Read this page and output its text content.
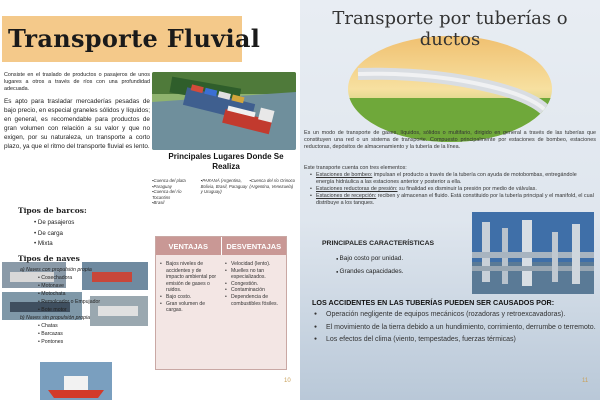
Transporte Fluvial

Consiste en el traslado de productos o pasajeros de unos lugares a otros a través de ríos con una profundidad adecuada.

Es apto para trasladar mercaderías pesadas de bajo precio, en especial graneles sólidos y líquidos; en general, es recomendable para productos de gran volumen con relación a su valor y que no exigen, por su naturaleza, un transporte a corto plazo, ya que el ritmo del transporte fluvial es lento.

Principales Lugares Donde Se Realiza
▪ Cuenca del plata
▪ Paraguay
▪ Cuenca del río Tocantins
▪ Brasil
▪ PARANÁ (Argentina, Bolivia, Brasil, Paraguay y Uruguay)
▪ Cuenca del río Orinoco (Argentina, Venezuela)
VENTAJAS	DESVENTAJAS
• Bajos niveles de accidentes y de impacto ambiental por emisión de gases o ruidos.
• Bajo costo.
• Gran volumen de cargas.
• Velocidad (lento).
• Muelles no tan especializados.
• Congestión.
• Contaminación
• Dependencia de combustibles fósiles.
Tipos de barcos:
• De pasajeros
• De carga
• Mixta
Tipos de naves
a) Naves con propulsión propia
• Cosechadora
• Motonave
• Motochata
• Remolcador o Empujador
• Bote motor
b) Naves sin propulsión propia
• Chatas
• Barcazas
• Pontones
10
Transporte por tuberías o ductos

Es un modo de transporte de gases, líquidos, sólidos o multifario, dirigido en general a través de las tuberías que constituyen una red o un sistema de transporte. Compuesto principalmente por estaciones de bombeo, estaciones reductoras, depósitos de almacenamiento y la tubería de la línea.

Este transporte cuenta con tres elementos:

• Estaciones de bombeo: impulsan el producto a través de la tubería con ayuda de motobombas, entregándole energía hidráulica a las estaciones anterior y posterior a ella.
• Estaciones reductoras de presión: su finalidad es disminuir la presión por medio de válvulas.
• Estaciones de recepción: reciben y almacenan el fluido. Está constituido por la tubería principal y el manifold, el cual distribuye a los tanques.
PRINCIPALES CARACTERÍSTICAS
● Bajo costo por unidad.
● Grandes capacidades.
LOS ACCIDENTES EN LAS TUBERÍAS PUEDEN SER CAUSADOS POR:
● Operación negligente de equipos mecánicos (rozadoras y retroexcavadoras).
● El movimiento de la tierra debido a un hundimiento, corrimiento, derrumbe o terremoto.
● Los efectos del clima (viento, tempestades, fuerzas térmicas)
11
